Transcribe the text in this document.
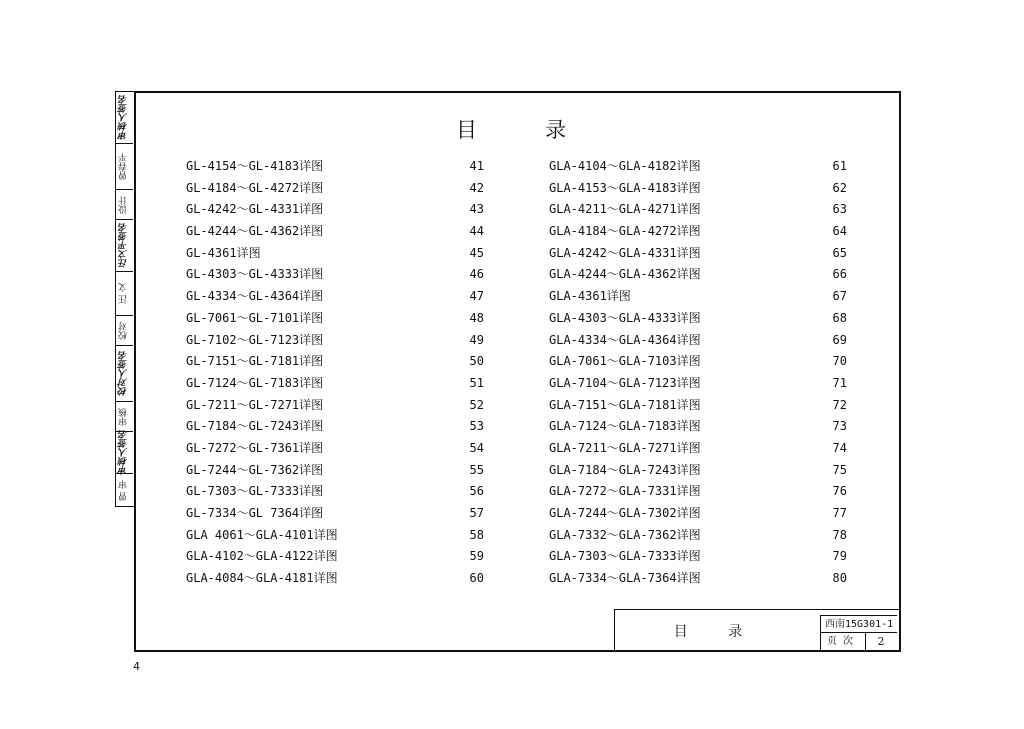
审核人签名
曾春平
设计
汪文平签名
汪 文
校对
校对人签名
审核
审核人签名
曾 审
目	录
GL-4154～GL-4183详图	41
GL-4184～GL-4272详图	42
GL-4242～GL-4331详图	43
GL-4244～GL-4362详图	44
GL-4361详图	45
GL-4303～GL-4333详图	46
GL-4334～GL-4364详图	47
GL-7061～GL-7101详图	48
GL-7102～GL-7123详图	49
GL-7151～GL-7181详图	50
GL-7124～GL-7183详图	51
GL-7211～GL-7271详图	52
GL-7184～GL-7243详图	53
GL-7272～GL-7361详图	54
GL-7244～GL-7362详图	55
GL-7303～GL-7333详图	56
GL-7334～GL 7364详图	57
GLA 4061～GLA-4101详图	58
GLA-4102～GLA-4122详图	59
GLA-4084～GLA-4181详图	60
GLA-4104～GLA-4182详图	61
GLA-4153～GLA-4183详图	62
GLA-4211～GLA-4271详图	63
GLA-4184～GLA-4272详图	64
GLA-4242～GLA-4331详图	65
GLA-4244～GLA-4362详图	66
GLA-4361详图	67
GLA-4303～GLA-4333详图	68
GLA-4334～GLA-4364详图	69
GLA-7061～GLA-7103详图	70
GLA-7104～GLA-7123详图	71
GLA-7151～GLA-7181详图	72
GLA-7124～GLA-7183详图	73
GLA-7211～GLA-7271详图	74
GLA-7184～GLA-7243详图	75
GLA-7272～GLA-7331详图	76
GLA-7244～GLA-7302详图	77
GLA-7332～GLA-7362详图	78
GLA-7303～GLA-7333详图	79
GLA-7334～GLA-7364详图	80
目 录	西南15G301-1
页次	2
4
